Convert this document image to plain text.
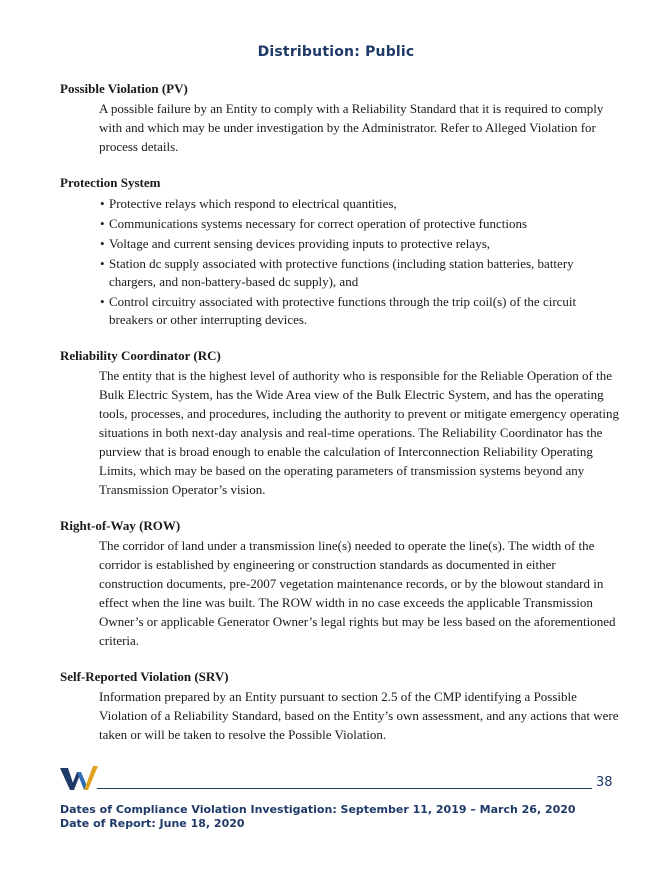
Distribution: Public
Possible Violation (PV)
A possible failure by an Entity to comply with a Reliability Standard that it is required to comply with and which may be under investigation by the Administrator. Refer to Alleged Violation for process details.
Protection System
• Protective relays which respond to electrical quantities,
• Communications systems necessary for correct operation of protective functions
• Voltage and current sensing devices providing inputs to protective relays,
• Station dc supply associated with protective functions (including station batteries, battery chargers, and non-battery-based dc supply), and
• Control circuitry associated with protective functions through the trip coil(s) of the circuit breakers or other interrupting devices.
Reliability Coordinator (RC)
The entity that is the highest level of authority who is responsible for the Reliable Operation of the Bulk Electric System, has the Wide Area view of the Bulk Electric System, and has the operating tools, processes, and procedures, including the authority to prevent or mitigate emergency operating situations in both next-day analysis and real-time operations. The Reliability Coordinator has the purview that is broad enough to enable the calculation of Interconnection Reliability Operating Limits, which may be based on the operating parameters of transmission systems beyond any Transmission Operator’s vision.
Right-of-Way (ROW)
The corridor of land under a transmission line(s) needed to operate the line(s). The width of the corridor is established by engineering or construction standards as documented in either construction documents, pre-2007 vegetation maintenance records, or by the blowout standard in effect when the line was built. The ROW width in no case exceeds the applicable Transmission Owner’s or applicable Generator Owner’s legal rights but may be less based on the aforementioned criteria.
Self-Reported Violation (SRV)
Information prepared by an Entity pursuant to section 2.5 of the CMP identifying a Possible Violation of a Reliability Standard, based on the Entity’s own assessment, and any actions that were taken or will be taken to resolve the Possible Violation.
38
Dates of Compliance Violation Investigation: September 11, 2019 – March 26, 2020
Date of Report: June 18, 2020
